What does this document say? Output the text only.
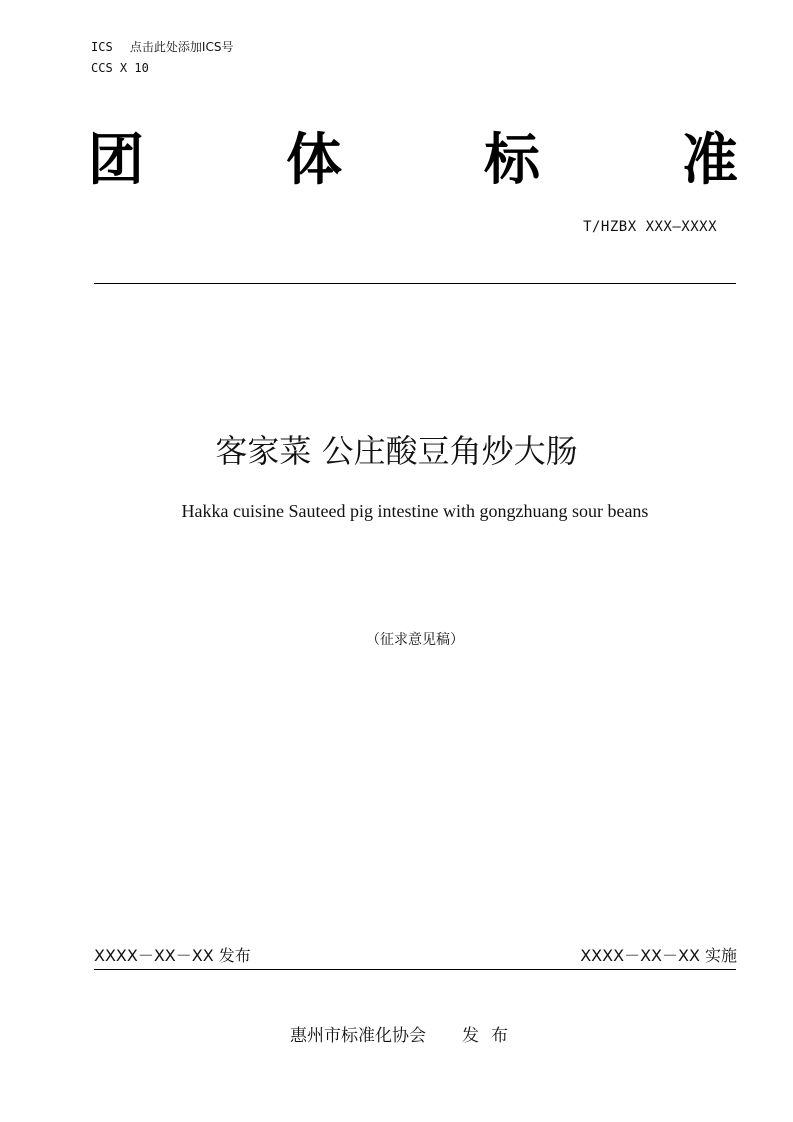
ICS 点击此处添加ICS号
CCS X 10
团	体	标	准
T/HZBX XXX—XXXX
客家菜 公庄酸豆角炒大肠
Hakka cuisine Sauteed pig intestine with gongzhuang sour beans
（征求意见稿）
XXXX－XX－XX 发布	XXXX－XX－XX 实施
惠州市标准化协会 发布
